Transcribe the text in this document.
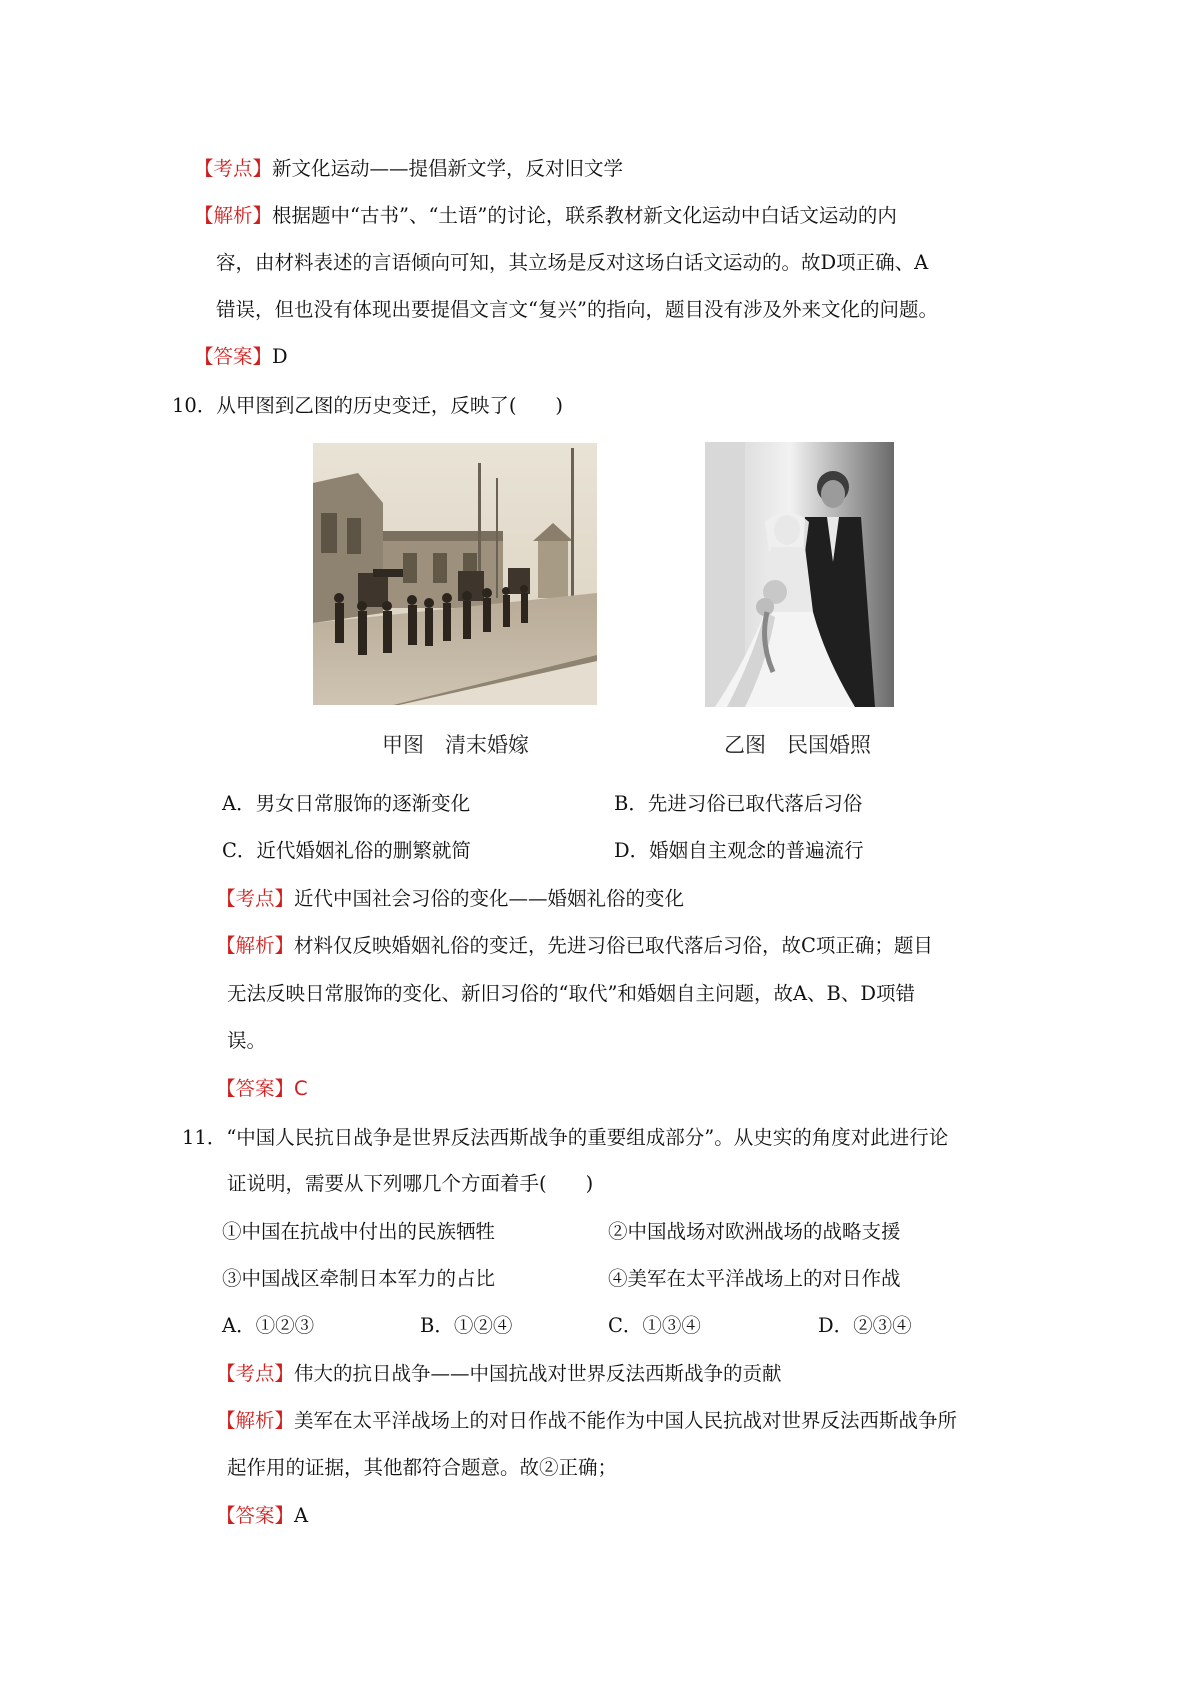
【考点】新文化运动——提倡新文学，反对旧文学
【解析】根据题中“古书”、“土语”的讨论，联系教材新文化运动中白话文运动的内
容，由材料表述的言语倾向可知，其立场是反对这场白话文运动的。故D项正确、A
错误，但也没有体现出要提倡文言文“复兴”的指向，题目没有涉及外来文化的问题。
【答案】D
10．从甲图到乙图的历史变迁，反映了(　　)
甲图　清末婚嫁	乙图　民国婚照
A．男女日常服饰的逐渐变化	B．先进习俗已取代落后习俗
C．近代婚姻礼俗的删繁就简	D．婚姻自主观念的普遍流行
【考点】近代中国社会习俗的变化——婚姻礼俗的变化
【解析】材料仅反映婚姻礼俗的变迁，先进习俗已取代落后习俗，故C项正确；题目
无法反映日常服饰的变化、新旧习俗的“取代”和婚姻自主问题，故A、B、D项错
误。
【答案】C
11．“中国人民抗日战争是世界反法西斯战争的重要组成部分”。从史实的角度对此进行论
证说明，需要从下列哪几个方面着手(　　)
①中国在抗战中付出的民族牺牲	②中国战场对欧洲战场的战略支援
③中国战区牵制日本军力的占比	④美军在太平洋战场上的对日作战
A．①②③	B．①②④	C．①③④	D．②③④
【考点】伟大的抗日战争——中国抗战对世界反法西斯战争的贡献
【解析】美军在太平洋战场上的对日作战不能作为中国人民抗战对世界反法西斯战争所
起作用的证据，其他都符合题意。故②正确；
【答案】A
